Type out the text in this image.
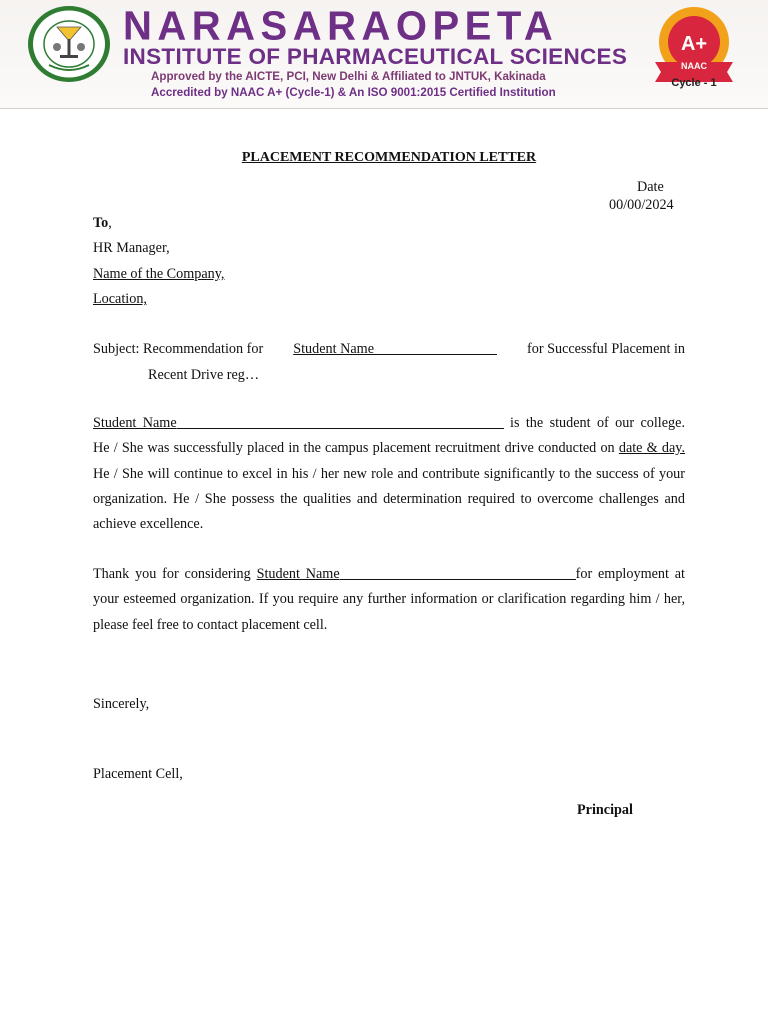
NARASARAOPETA
INSTITUTE OF PHARMACEUTICAL SCIENCES
Approved by the AICTE, PCI, New Delhi & Affiliated to JNTUK, Kakinada
Accredited by NAAC A+ (Cycle-1) & An ISO 9001:2015 Certified Institution
A+
NAAC
Cycle - 1
PLACEMENT RECOMMENDATION LETTER
Date
00/00/2024
To,
HR Manager,
Name of the Company,
Location,
Subject: Recommendation for Student Name	for Successful Placement in
Recent Drive reg…
Student Name	is the student of our college. He / She was successfully placed in the campus placement recruitment drive conducted on date & day. He / She will continue to excel in his / her new role and contribute significantly to the success of your organization. He / She possess the qualities and determination required to overcome challenges and achieve excellence.
Thank you for considering Student Name	for employment at your esteemed organization. If you require any further information or clarification regarding him / her, please feel free to contact placement cell.
Sincerely,
Placement Cell,
Principal
